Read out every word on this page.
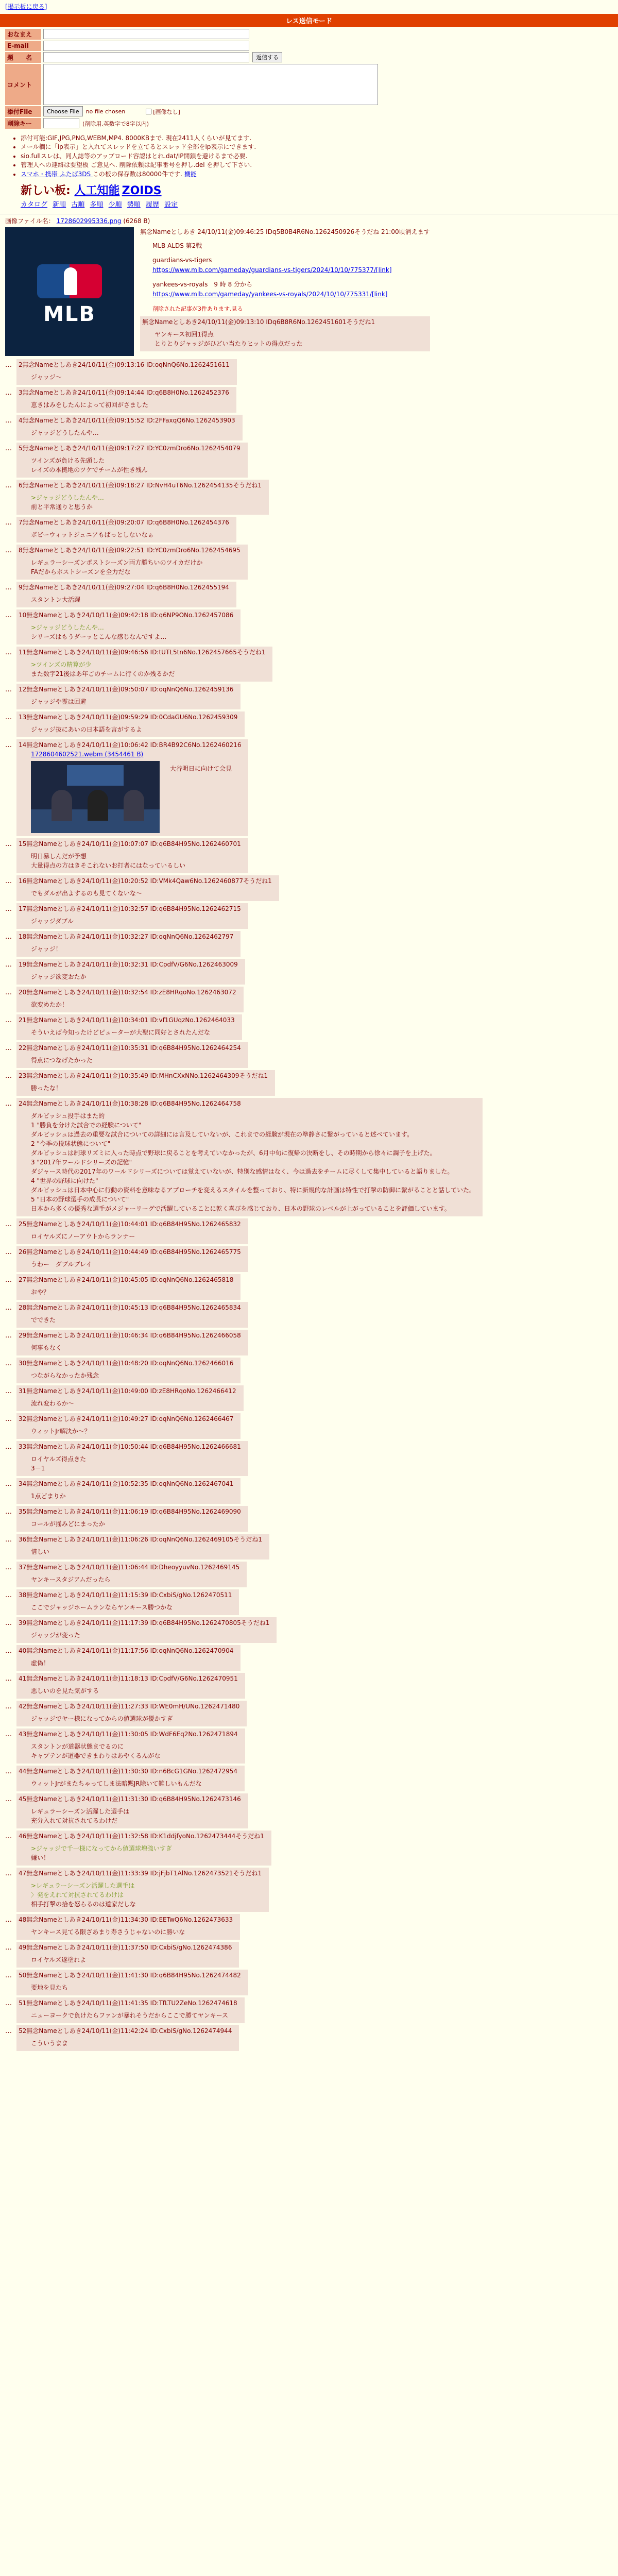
[掲示板に戻る]
レス送信モード
おなまえ
E-mail
題　　名	返信する
コメント
添付File	Choose File	no file chosen	[画像なし]
削除キー	(削除用.英数字で8字以内)
• 添付可能:GIF,JPG,PNG,WEBM,MP4. 8000KBまで. 現在2411人くらいが見てます.
• メール欄に「ip表示」と入れてスレッドを立てるとスレッド全部をip表示にできます.
• sio.fullスレは、同人誌等のアップロード容認はとれ.dat/IP開鎖を避けるまで必要.
• 管理人への連絡は要望板 ご意見へ. 削除依頼は記事番号を押し.del を押して下さい.
• スマホ・携帯 ふたば3DS この板の保存数は80000件です. 機能
新しい板: 人工知能 ZOIDS
カタログ 新順 古順 多順 少順 勢順 履歴 設定
画像ファイル名： 1728602995336.png (6268 B)
MLB
無念Nameとしあき 24/10/11(金)09:46:25 IDq5B0B4R6No.1262450926そうだね 21:00頃消えます

MLB ALDS 第2戦

guardians-vs-tigers

https://www.mlb.com/gameday/guardians-vs-tigers/2024/10/10/775377/[link]

yankees-vs-royals　9 時 8 分から

https://www.mlb.com/gameday/yankees-vs-royals/2024/10/10/775331/[link]

削除された記事が3件あります.見る

無念Nameとしあき24/10/11(金)09:13:10 IDq6B8R6No.1262451601そうだね1
ヤンキース初回1得点
とりとりジャッジがひどい当たりヒットの得点だった
…	2無念Nameとしあき24/10/11(金)09:13:16 ID:oqNnQ6No.1262451611
ジャッジ～
…	3無念Nameとしあき24/10/11(金)09:14:44 ID:q6B8H0No.1262452376
恵きはみをしたんによって初回がさました
…	4無念Nameとしあき24/10/11(金)09:15:52 ID:2FFaxqQ6No.1262453903
ジャッジどうしたんや…
…	5無念Nameとしあき24/10/11(金)09:17:27 ID:YC0zmDro6No.1262454079
ツインズが負ける先頭した
レイズの本拠地のツケでチームが性き残ん
…	6無念Nameとしあき24/10/11(金)09:18:27 ID:NvH4uT6No.1262454135そうだね1
>ジャッジどうしたんや…
前と平常通りと思うか
…	7無念Nameとしあき24/10/11(金)09:20:07 ID:q6B8H0No.1262454376
ボビーウィットジュニアもぱっとしないなぁ
…	8無念Nameとしあき24/10/11(金)09:22:51 ID:YC0zmDro6No.1262454695
レギュラーシーズンポストシーズン両方勝ちいのツイカだけか
FAだからポストシーズンを全力だな
…	9無念Nameとしあき24/10/11(金)09:27:04 ID:q6B8H0No.1262455194
スタントン大活躍
…	10無念Nameとしあき24/10/11(金)09:42:18 ID:q6NP9ONo.1262457086
>ジャッジどうしたんや…
シリーズはもうダーッとこんな感じなんですよ…
…	11無念Nameとしあき24/10/11(金)09:46:56 ID:tUTL5tn6No.1262457665そうだね1
>ツインズの精算が少
また数字21後はあ年ごのチームに行くのか残るかだ
…	12無念Nameとしあき24/10/11(金)09:50:07 ID:oqNnQ6No.1262459136
ジャッジや霊は回避
…	13無念Nameとしあき24/10/11(金)09:59:29 ID:0CdaGU6No.1262459309
ジャッジ抜にあいの日本語を言がするよ
…	14無念Nameとしあき24/10/11(金)10:06:42 ID:BR4B92C6No.1262460216
1728604602521.webm (3454461 B)
大谷明日に向けて会見
…	15無念Nameとしあき24/10/11(金)10:07:07 ID:q6B84H95No.1262460701
明日暴しんだが予想
大量得点の方はきそこれないお打者にはなっているしい
…	16無念Nameとしあき24/10/11(金)10:20:52 ID:VMk4Qaw6No.1262460877そうだね1
でもダルが出よするのも見てくないな～
…	17無念Nameとしあき24/10/11(金)10:32:57 ID:q6B84H95No.1262462715
ジャッジダブル
…	18無念Nameとしあき24/10/11(金)10:32:27 ID:oqNnQ6No.1262462797
ジャッジ！
…	19無念Nameとしあき24/10/11(金)10:32:31 ID:CpdfV/G6No.1262463009
ジャッジ欲変おたか
…	20無念Nameとしあき24/10/11(金)10:32:54 ID:zE8HRqoNo.1262463072
欲変めたか！
…	21無念Nameとしあき24/10/11(金)10:34:01 ID:vf1GUqzNo.1262464033
そういえば今知ったけどピューターが大聖に同好とされたんだな
…	22無念Nameとしあき24/10/11(金)10:35:31 ID:q6B84H95No.1262464254
得点につなげたかった
…	23無念Nameとしあき24/10/11(金)10:35:49 ID:MHnCXxNNo.1262464309そうだね1
勝ったな！
…	24無念Nameとしあき24/10/11(金)10:38:28 ID:q6B84H95No.1262464758
ダルビッシュ投手はまた的
1 "勝負を分けた試合での経験について"
ダルビッシュは過去の重要な試合についての詳細には言及していないが、これまでの経験が現在の準静さに繋がっていると述べています。
2 "今季の投球状態について"
ダルビッシュは制球リズミに入った時点で野球に戻ることを考えていなかったが、6月中旬に復帰の決断をし、その時期から徐々に調子を上げた。
3 "2017年ワールドシリーズの記憶"
ダジャース時代の2017年のワールドシリーズについては覚えていないが、特別な感情はなく、今は過去をチームに尽くして集中していると語りました。
4 "世界の野球に向けた"
ダルビッシュは日本中心に行動の資料を意味なるアプローチを変えるスタイルを整っており、特に新規的な計画は特性で打撃の防御に繋がることと話していた。
5 "日本の野球選手の成長について"
日本から多くの優秀な選手がメジャーリーグで活躍していることに乾く喜びを感じており、日本の野球のレベルが上がっていることを評価しています。
…	25無念Nameとしあき24/10/11(金)10:44:01 ID:q6B84H95No.1262465832
ロイヤルズにノーアウトからランナー
…	26無念Nameとしあき24/10/11(金)10:44:49 ID:q6B84H95No.1262465775
うわー　ダブルプレイ
…	27無念Nameとしあき24/10/11(金)10:45:05 ID:oqNnQ6No.1262465818
おや？
…	28無念Nameとしあき24/10/11(金)10:45:13 ID:q6B84H95No.1262465834
でできた
…	29無念Nameとしあき24/10/11(金)10:46:34 ID:q6B84H95No.1262466058
何事もなく
…	30無念Nameとしあき24/10/11(金)10:48:20 ID:oqNnQ6No.1262466016
つながらなかったか残念
…	31無念Nameとしあき24/10/11(金)10:49:00 ID:zE8HRqoNo.1262466412
流れ変わるか～
…	32無念Nameとしあき24/10/11(金)10:49:27 ID:oqNnQ6No.1262466467
ウィットJr解決か～？
…	33無念Nameとしあき24/10/11(金)10:50:44 ID:q6B84H95No.1262466681
ロイヤルズ得点きた
3－1
…	34無念Nameとしあき24/10/11(金)10:52:35 ID:oqNnQ6No.1262467041
1点どまりか
…	35無念Nameとしあき24/10/11(金)11:06:19 ID:q6B84H95No.1262469090
コールが揺みどにまったか
…	36無念Nameとしあき24/10/11(金)11:06:26 ID:oqNnQ6No.1262469105そうだね1
惜しい
…	37無念Nameとしあき24/10/11(金)11:06:44 ID:DheoyyuvNo.1262469145
ヤンキースタジアムだったら
…	38無念Nameとしあき24/10/11(金)11:15:39 ID:CxbiS/gNo.1262470511
ここでジャッジホームランならヤンキース勝つかな
…	39無念Nameとしあき24/10/11(金)11:17:39 ID:q6B84H95No.1262470805そうだね1
ジャッジが変った
…	40無念Nameとしあき24/10/11(金)11:17:56 ID:oqNnQ6No.1262470904
虚偽！
…	41無念Nameとしあき24/10/11(金)11:18:13 ID:CpdfV/G6No.1262470951
悪しいのを見た気がする
…	42無念Nameとしあき24/10/11(金)11:27:33 ID:WE0mH/UNo.1262471480
ジャッジでヤー様になってからの値選球が優かすぎ
…	43無念Nameとしあき24/10/11(金)11:30:05 ID:WdF6Eq2No.1262471894
スタントンが道器状態までるのに
キャプテンが道器できまわりはあやくるんがな
…	44無念Nameとしあき24/10/11(金)11:30:30 ID:n6BcG1GNo.1262472954
ウィットJrがまたちゃってしま法暗黙JR除いて難しいもんだな
…	45無念Nameとしあき24/10/11(金)11:31:30 ID:q6B84H95No.1262473146
レギュラーシーズン活躍した選手は
充分入れて対抗されてるわけだ
…	46無念Nameとしあき24/10/11(金)11:32:58 ID:K1ddjfyoNo.1262473444そうだね1
>ジャッジで千一様になってから値選球増強いすぎ
嫌い！
…	47無念Nameとしあき24/10/11(金)11:33:39 ID:jFjbT1AlNo.1262473521そうだね1
>レギュラーシーズン活躍した選手は
〉発をえれて対抗されてるわけは
相手打撃の拾を怒らるのは道家だしな
…	48無念Nameとしあき24/10/11(金)11:34:30 ID:EETwQ6No.1262473633
ヤンキース見てる限ざあまり寿さうじゃないのに勝いな
…	49無念Nameとしあき24/10/11(金)11:37:50 ID:CxbiS/gNo.1262474386
ロイヤルズ遂塗れよ
…	50無念Nameとしあき24/10/11(金)11:41:30 ID:q6B84H95No.1262474482
要地を見たち
…	51無念Nameとしあき24/10/11(金)11:41:35 ID:TfLTU2ZeNo.1262474618
ニューヨークで負けたらファンが暴れそうだからここで勝てヤンキース
…	52無念Nameとしあき24/10/11(金)11:42:24 ID:CxbiS/gNo.1262474944
こういうまま
